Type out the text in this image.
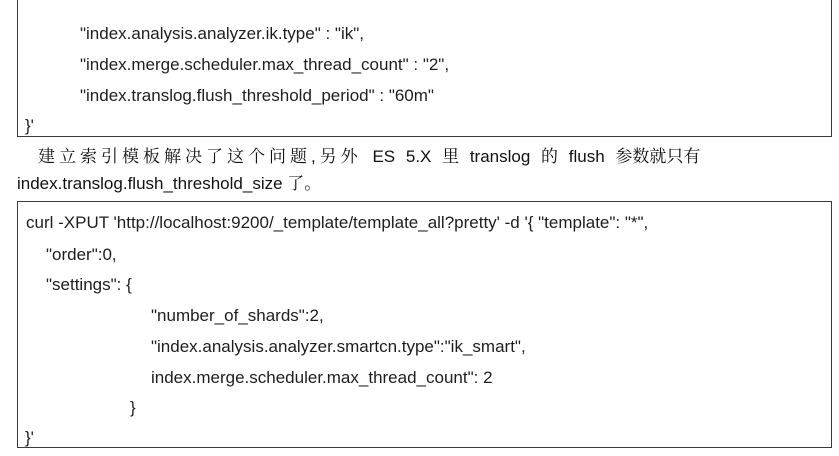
"index.analysis.analyzer.ik.type" : "ik",
"index.merge.scheduler.max_thread_count" : "2",
"index.translog.flush_threshold_period" : "60m"
}'
建立索引模板解决了这个问题,另外 ES 5.X 里 translog 的 flush 参数就只有
index.translog.flush_threshold_size 了。
curl -XPUT 'http://localhost:9200/_template/template_all?pretty' -d '{ "template": "*",
"order":0,
"settings": {
"number_of_shards":2,
"index.analysis.analyzer.smartcn.type":"ik_smart",
index.merge.scheduler.max_thread_count": 2
}
}'
